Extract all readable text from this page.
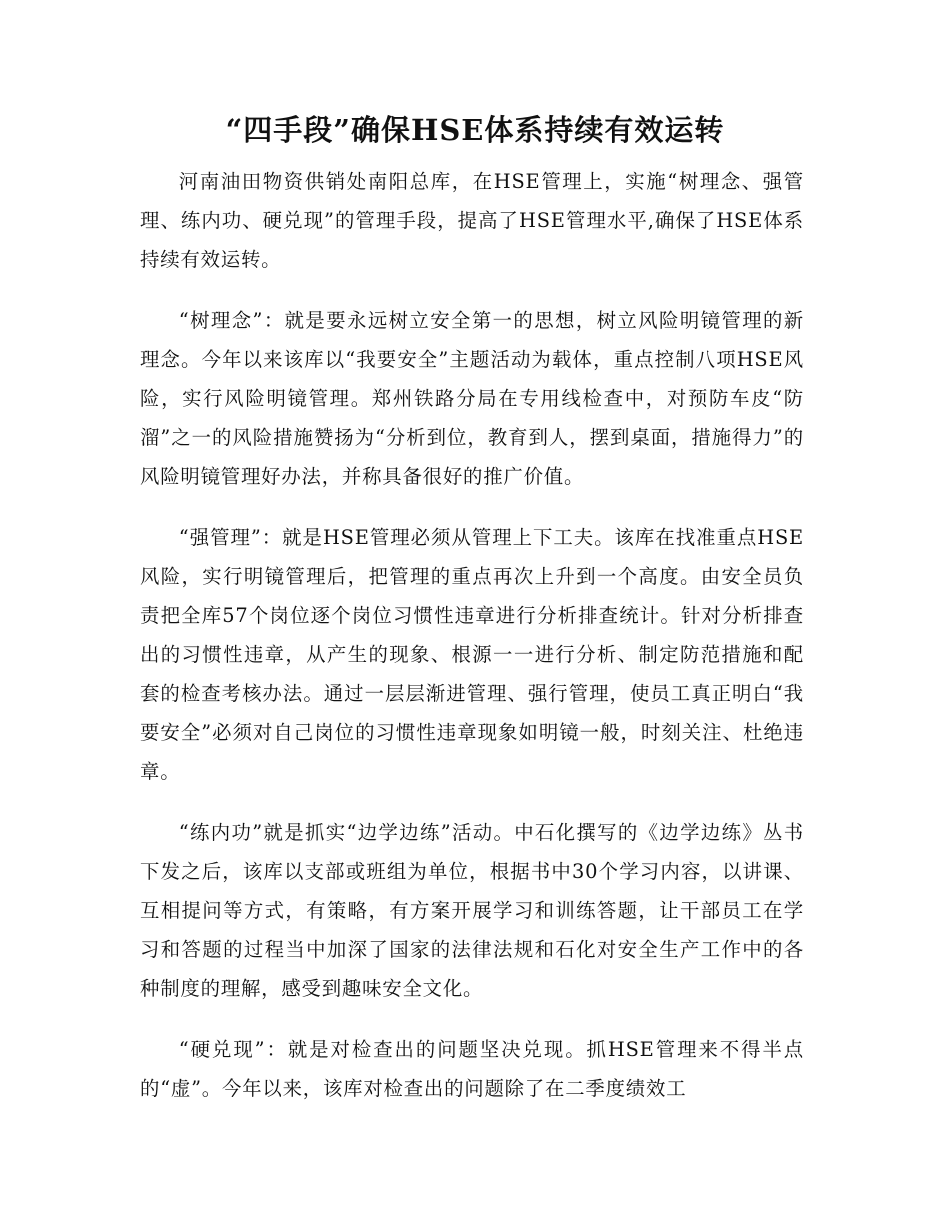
“四手段”确保HSE体系持续有效运转

河南油田物资供销处南阳总库，在HSE管理上，实施“树理念、强管理、练内功、硬兑现”的管理手段，提高了HSE管理水平,确保了HSE体系持续有效运转。

“树理念”：就是要永远树立安全第一的思想，树立风险明镜管理的新理念。今年以来该库以“我要安全”主题活动为载体，重点控制八项HSE风险，实行风险明镜管理。郑州铁路分局在专用线检查中，对预防车皮“防溜”之一的风险措施赞扬为“分析到位，教育到人，摆到桌面，措施得力”的风险明镜管理好办法，并称具备很好的推广价值。

“强管理”：就是HSE管理必须从管理上下工夫。该库在找准重点HSE风险，实行明镜管理后，把管理的重点再次上升到一个高度。由安全员负责把全库57个岗位逐个岗位习惯性违章进行分析排查统计。针对分析排查出的习惯性违章，从产生的现象、根源一一进行分析、制定防范措施和配套的检查考核办法。通过一层层渐进管理、强行管理，使员工真正明白“我要安全”必须对自己岗位的习惯性违章现象如明镜一般，时刻关注、杜绝违章。

“练内功”就是抓实“边学边练”活动。中石化撰写的《边学边练》丛书下发之后，该库以支部或班组为单位，根据书中30个学习内容，以讲课、互相提问等方式，有策略，有方案开展学习和训练答题，让干部员工在学习和答题的过程当中加深了国家的法律法规和石化对安全生产工作中的各种制度的理解，感受到趣味安全文化。

“硬兑现”：就是对检查出的问题坚决兑现。抓HSE管理来不得半点的“虚”。今年以来，该库对检查出的问题除了在二季度绩效工
